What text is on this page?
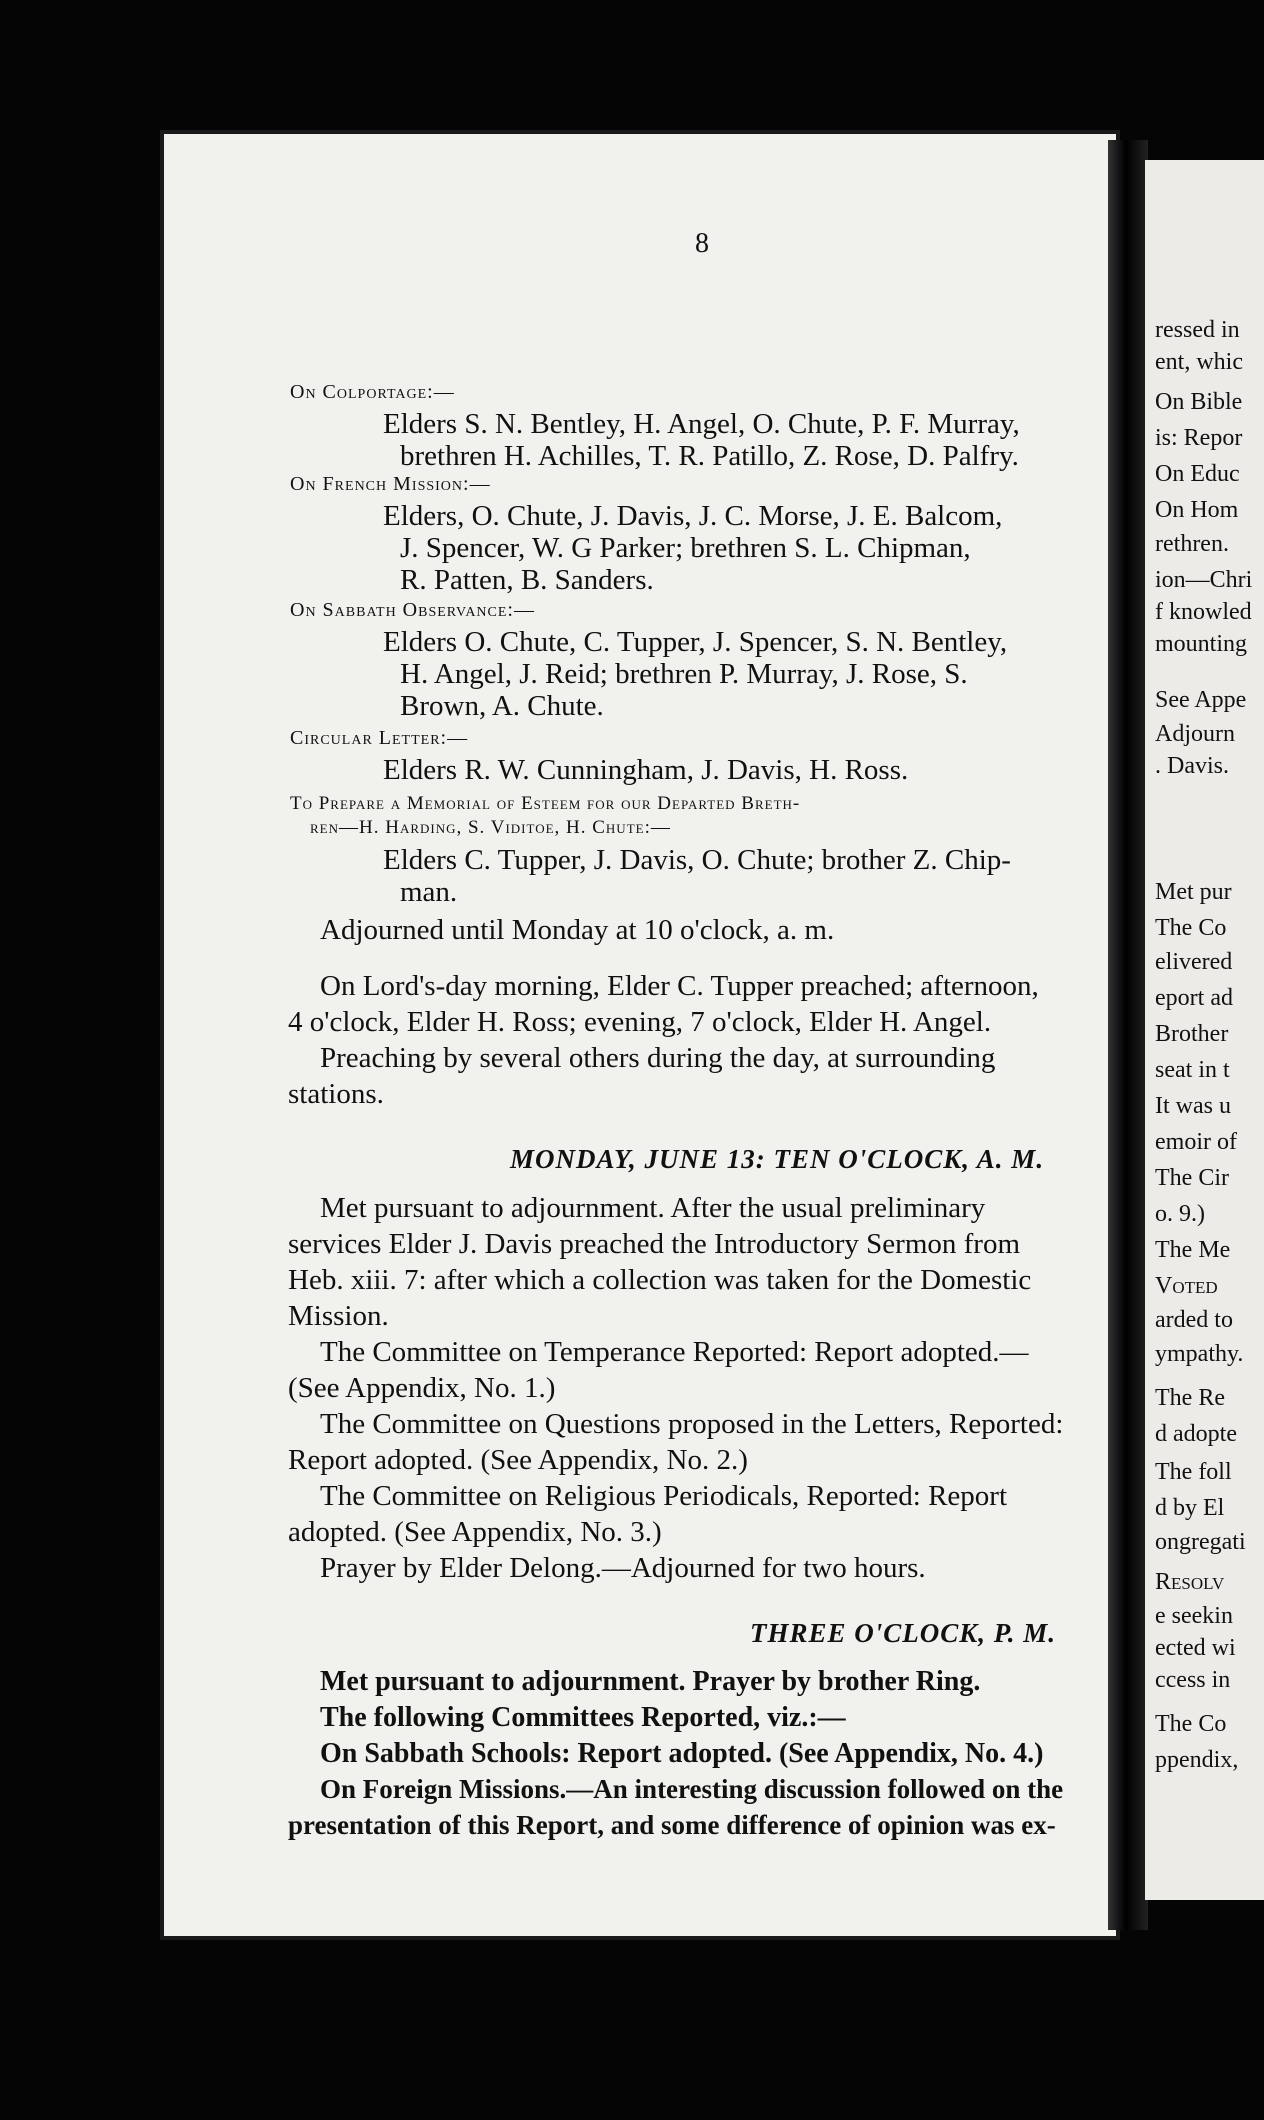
8
On Colportage:—
Elders S. N. Bentley, H. Angel, O. Chute, P. F. Murray,
brethren H. Achilles, T. R. Patillo, Z. Rose, D. Palfry.
On French Mission:—
Elders, O. Chute, J. Davis, J. C. Morse, J. E. Balcom,
J. Spencer, W. G Parker; brethren S. L. Chipman,
R. Patten, B. Sanders.
On Sabbath Observance:—
Elders O. Chute, C. Tupper, J. Spencer, S. N. Bentley,
H. Angel, J. Reid; brethren P. Murray, J. Rose, S.
Brown, A. Chute.
Circular Letter:—
Elders R. W. Cunningham, J. Davis, H. Ross.
To Prepare a Memorial of Esteem for our Departed Breth-
ren—H. Harding, S. Viditoe, H. Chute:—
Elders C. Tupper, J. Davis, O. Chute; brother Z. Chip-
man.
Adjourned until Monday at 10 o'clock, a. m.
On Lord's-day morning, Elder C. Tupper preached; afternoon,
4 o'clock, Elder H. Ross; evening, 7 o'clock, Elder H. Angel.
Preaching by several others during the day, at surrounding
stations.
MONDAY, JUNE 13: TEN O'CLOCK, A. M.
Met pursuant to adjournment. After the usual preliminary
services Elder J. Davis preached the Introductory Sermon from
Heb. xiii. 7: after which a collection was taken for the Domestic
Mission.
The Committee on Temperance Reported: Report adopted.—
(See Appendix, No. 1.)
The Committee on Questions proposed in the Letters, Reported:
Report adopted. (See Appendix, No. 2.)
The Committee on Religious Periodicals, Reported: Report
adopted. (See Appendix, No. 3.)
Prayer by Elder Delong.—Adjourned for two hours.
THREE O'CLOCK, P. M.
Met pursuant to adjournment. Prayer by brother Ring.
The following Committees Reported, viz.:—
On Sabbath Schools: Report adopted. (See Appendix, No. 4.)
On Foreign Missions.—An interesting discussion followed on the
presentation of this Report, and some difference of opinion was ex-
ressed in
ent, whic
On Bible
is: Repor
On Educ
On Hom
rethren.
ion—Chri
f knowled
mounting
See Appe
Adjourn
. Davis.
Met pur
The Co
elivered
eport ad
Brother
seat in t
It was u
emoir of
The Cir
o. 9.)
The Me
Voted
arded to
ympathy.
The Re
d adopte
The foll
d by El
ongregati
Resolv
e seekin
ected wi
ccess in
The Co
ppendix,
